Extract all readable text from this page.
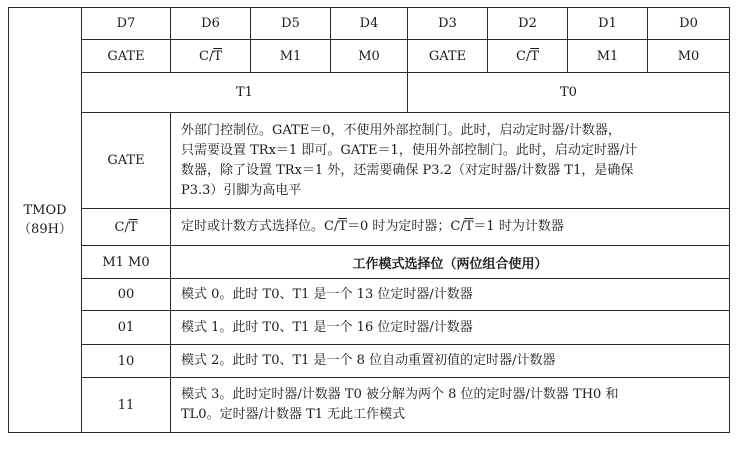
TMOD
（89H）	D7	D6	D5	D4	D3	D2	D1	D0
	GATE	$C/\overline{T}$	M1	M0	GATE	$C/\overline{T}$	M1	M0
	T1				T0			
	GATE	外部门控制位。GATE＝0，不使用外部控制门。此时，启动定时器/计数器，
只需要设置 TRx＝1 即可。GATE＝1，使用外部控制门。此时，启动定时器/计
数器，除了设置 TRx＝1 外，还需要确保 P3.2（对定时器/计数器 T1，是确保
P3.3）引脚为高电平						

	$C/\overline{T}$	定时或计数方式选择位。$C/\overline{T}=0$ 时为定时器；$C/\overline{T}=1$ 时为计数器						
	M1 M0	工作模式选择位（两位组合使用）						
	00	模式 0。此时 T0、T1 是一个 13 位定时器/计数器						
	01	模式 1。此时 T0、T1 是一个 16 位定时器/计数器						
	10	模式 2。此时 T0、T1 是一个 8 位自动重置初值的定时器/计数器						
	11	模式 3。此时定时器/计数器 T0 被分解为两个 8 位的定时器/计数器 TH0 和
TL0。定时器/计数器 T1 无此工作模式						
